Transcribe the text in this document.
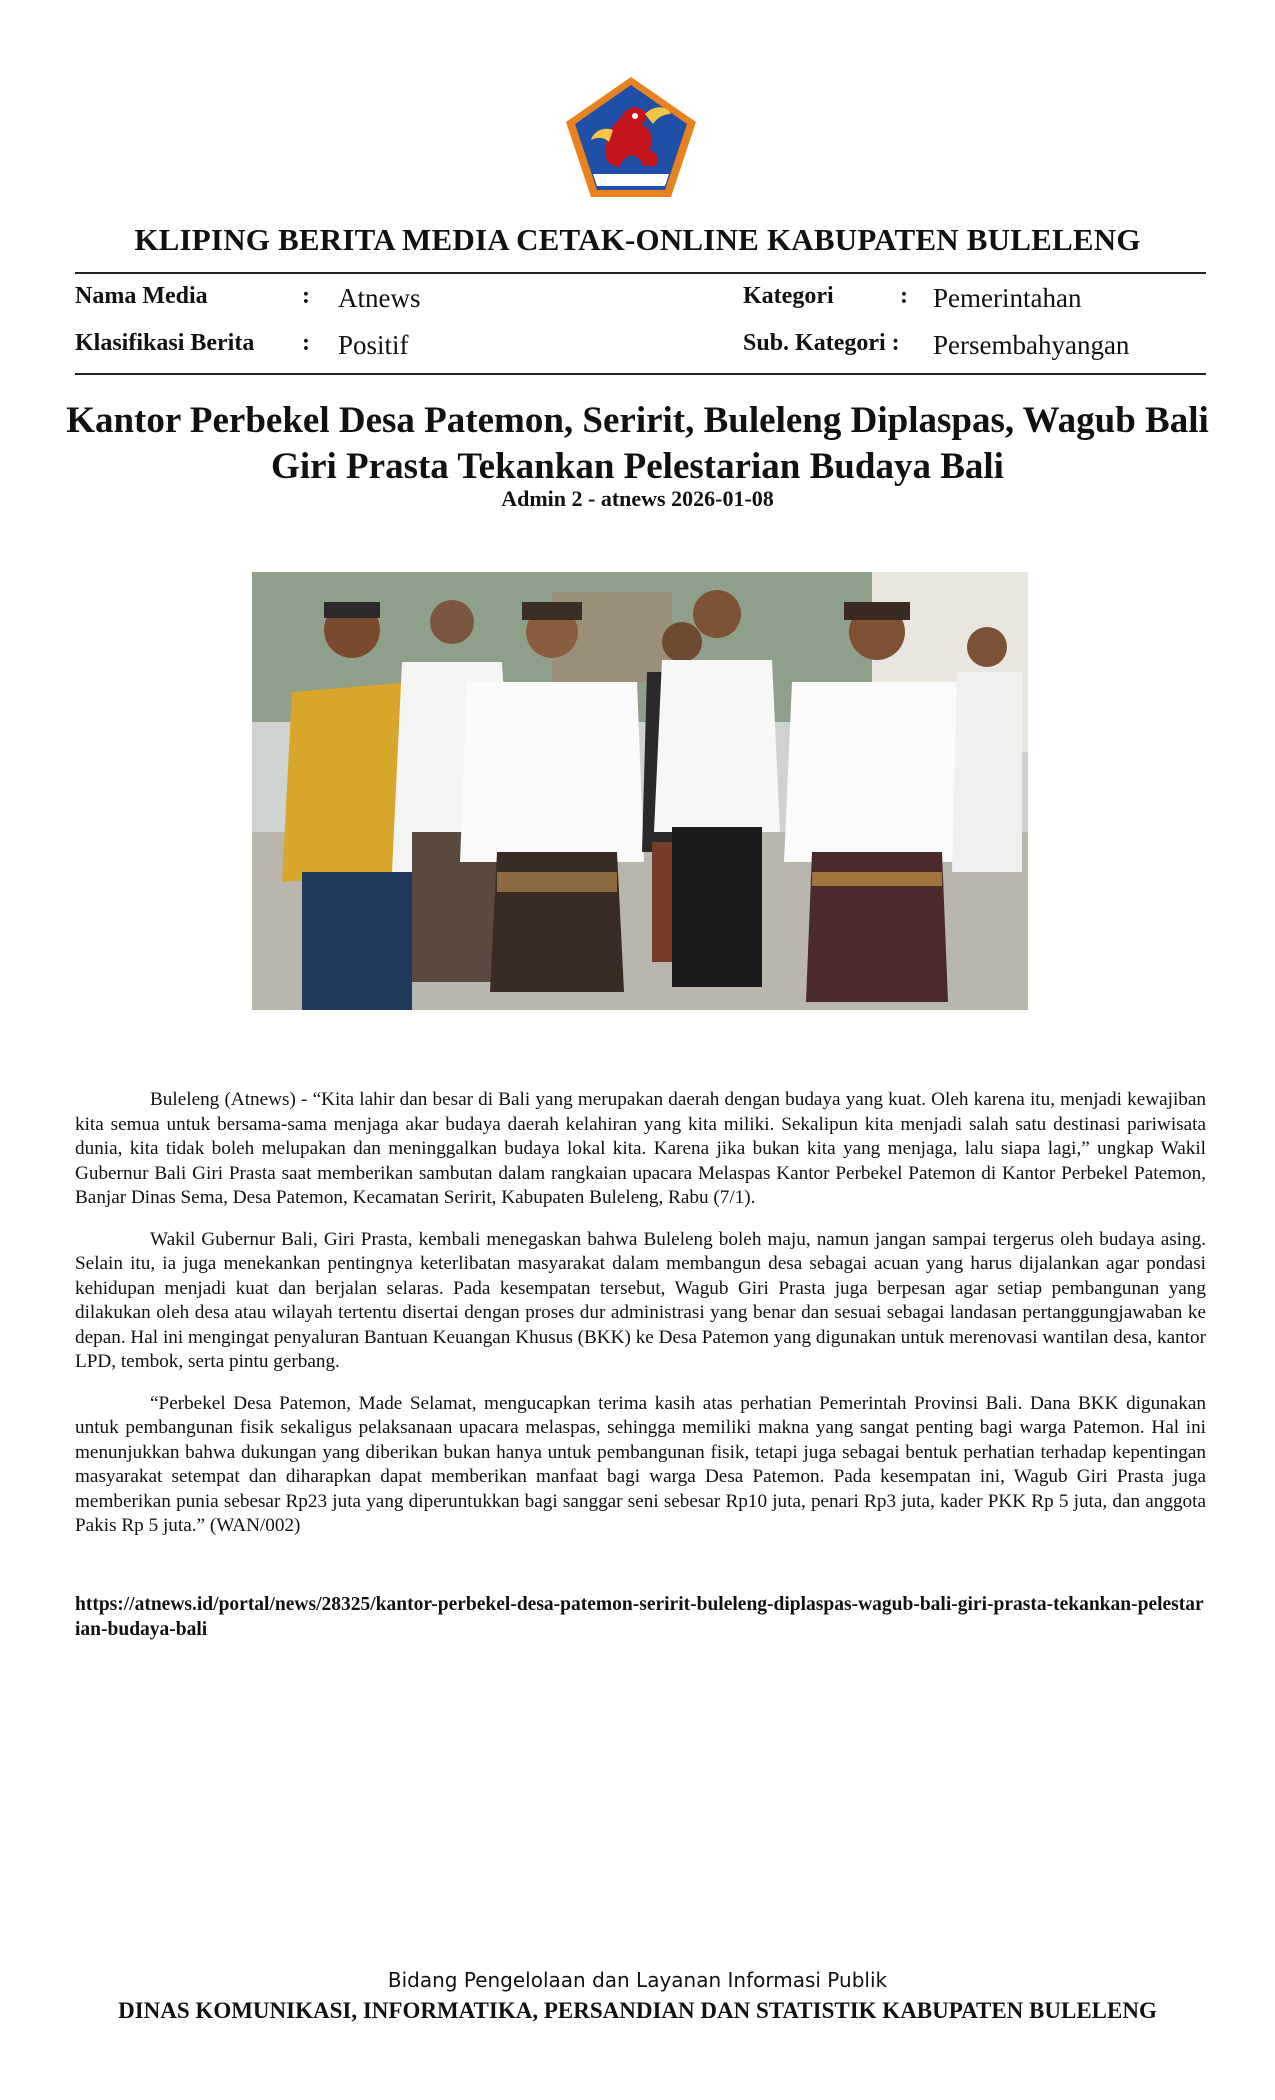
KLIPING BERITA MEDIA CETAK-ONLINE KABUPATEN BULELENG
Nama Media	: Atnews	Kategori	: Pemerintahan
Klasifikasi Berita : Positif	Sub. Kategori : Persembahyangan
Kantor Perbekel Desa Patemon, Seririt, Buleleng Diplaspas, Wagub Bali
Giri Prasta Tekankan Pelestarian Budaya Bali
Admin 2 - atnews 2026-01-08

Buleleng (Atnews) - “Kita lahir dan besar di Bali yang merupakan daerah dengan budaya yang kuat. Oleh karena itu, menjadi kewajiban kita semua untuk bersama-sama menjaga akar budaya daerah kelahiran yang kita miliki. Sekalipun kita menjadi salah satu destinasi pariwisata dunia, kita tidak boleh melupakan dan meninggalkan budaya lokal kita. Karena jika bukan kita yang menjaga, lalu siapa lagi,” ungkap Wakil Gubernur Bali Giri Prasta saat memberikan sambutan dalam rangkaian upacara Melaspas Kantor Perbekel Patemon di Kantor Perbekel Patemon, Banjar Dinas Sema, Desa Patemon, Kecamatan Seririt, Kabupaten Buleleng, Rabu (7/1).

Wakil Gubernur Bali, Giri Prasta, kembali menegaskan bahwa Buleleng boleh maju, namun jangan sampai tergerus oleh budaya asing. Selain itu, ia juga menekankan pentingnya keterlibatan masyarakat dalam membangun desa sebagai acuan yang harus dijalankan agar pondasi kehidupan menjadi kuat dan berjalan selaras. Pada kesempatan tersebut, Wagub Giri Prasta juga berpesan agar setiap pembangunan yang dilakukan oleh desa atau wilayah tertentu disertai dengan proses dur administrasi yang benar dan sesuai sebagai landasan pertanggungjawaban ke depan. Hal ini mengingat penyaluran Bantuan Keuangan Khusus (BKK) ke Desa Patemon yang digunakan untuk merenovasi wantilan desa, kantor LPD, tembok, serta pintu gerbang.

“Perbekel Desa Patemon, Made Selamat, mengucapkan terima kasih atas perhatian Pemerintah Provinsi Bali. Dana BKK digunakan untuk pembangunan fisik sekaligus pelaksanaan upacara melaspas, sehingga memiliki makna yang sangat penting bagi warga Patemon. Hal ini menunjukkan bahwa dukungan yang diberikan bukan hanya untuk pembangunan fisik, tetapi juga sebagai bentuk perhatian terhadap kepentingan masyarakat setempat dan diharapkan dapat memberikan manfaat bagi warga Desa Patemon. Pada kesempatan ini, Wagub Giri Prasta juga memberikan punia sebesar Rp23 juta yang diperuntukkan bagi sanggar seni sebesar Rp10 juta, penari Rp3 juta, kader PKK Rp 5 juta, dan anggota Pakis Rp 5 juta.” (WAN/002)

https://atnews.id/portal/news/28325/kantor-perbekel-desa-patemon-seririt-buleleng-diplaspas-wagub-bali-giri-prasta-tekankan-pelestarian-budaya-bali
Bidang Pengelolaan dan Layanan Informasi Publik
DINAS KOMUNIKASI, INFORMATIKA, PERSANDIAN DAN STATISTIK KABUPATEN BULELENG
